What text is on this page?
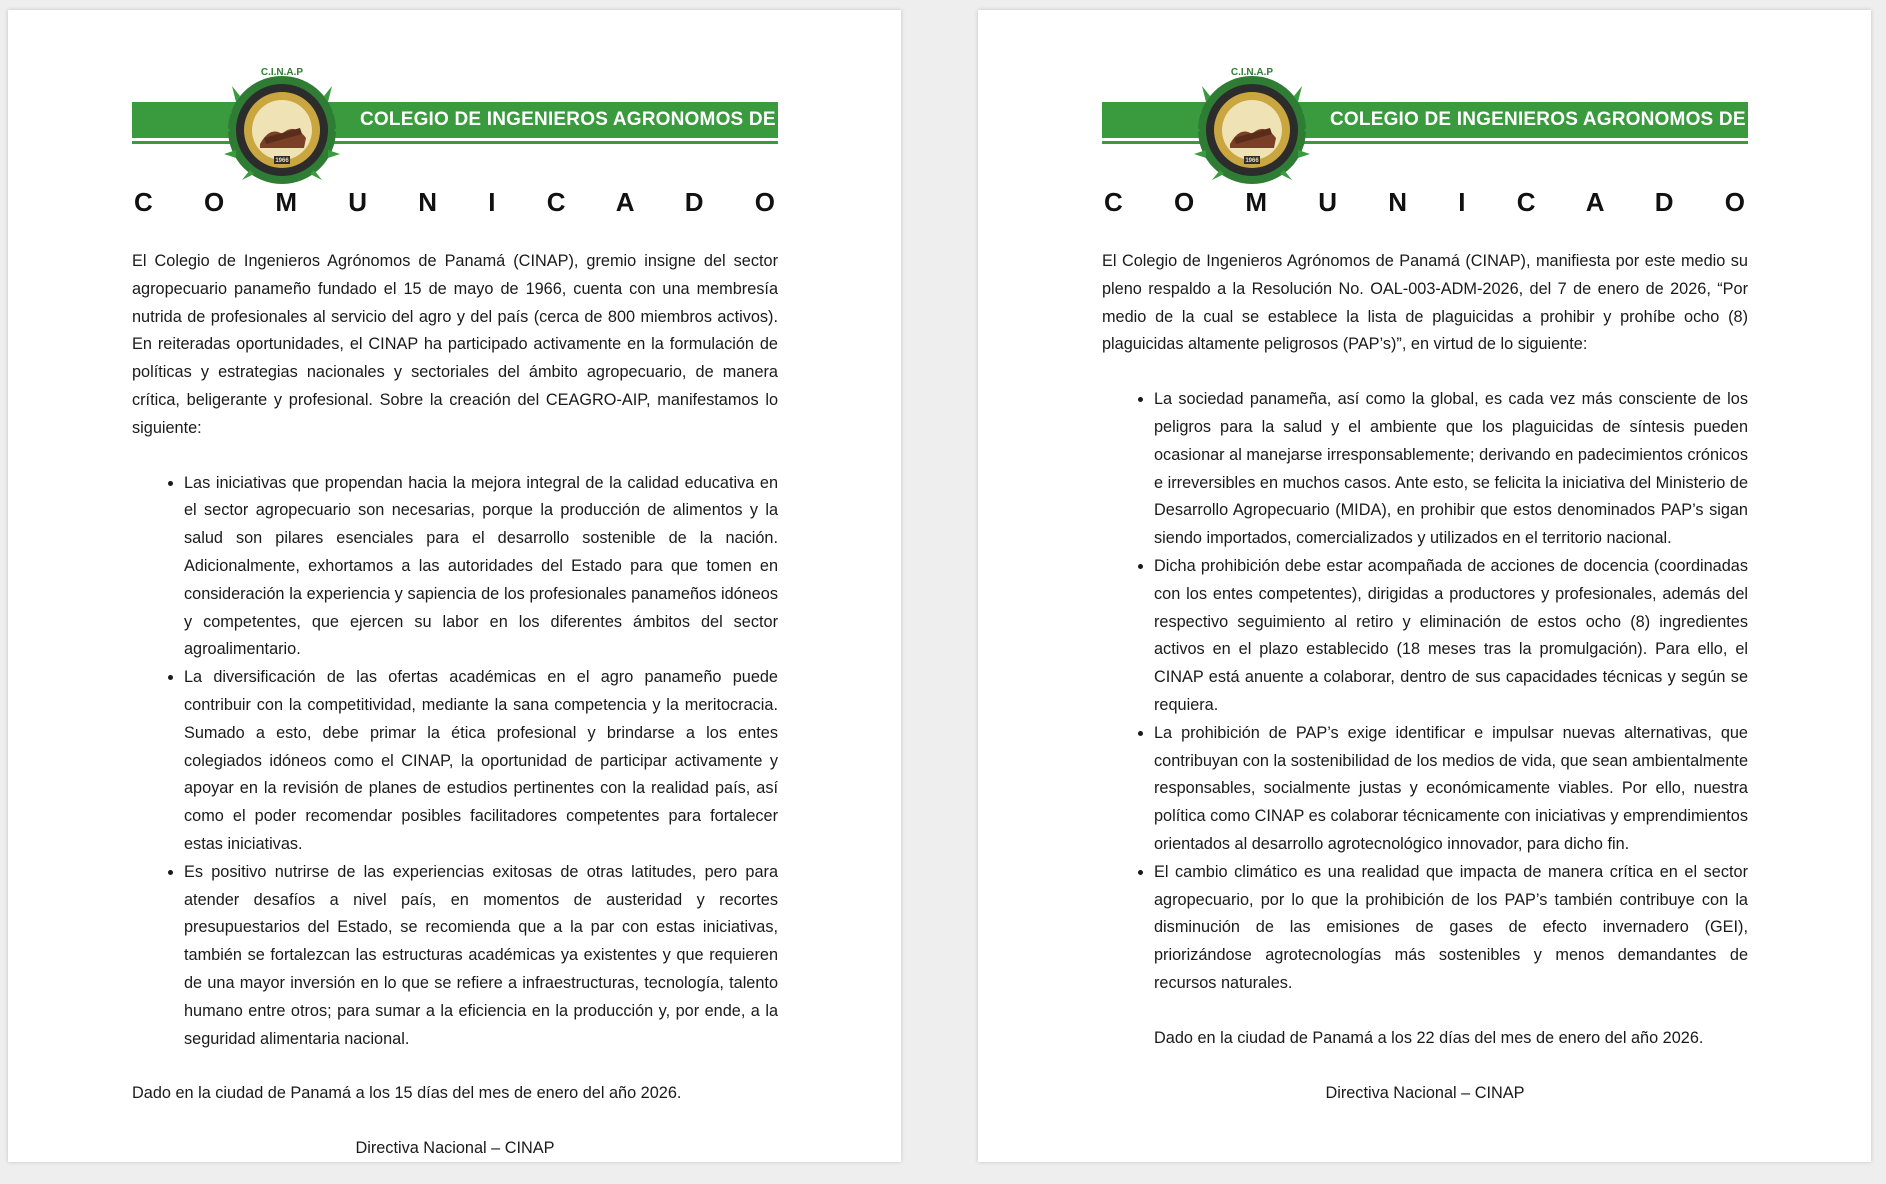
COLEGIO DE INGENIEROS AGRONOMOS DE PANAMA
1966
C.I.N.A.P
C O M U N I C A D O

El Colegio de Ingenieros Agrónomos de Panamá (CINAP), gremio insigne del sector agropecuario panameño fundado el 15 de mayo de 1966, cuenta con una membresía nutrida de profesionales al servicio del agro y del país (cerca de 800 miembros activos). En reiteradas oportunidades, el CINAP ha participado activamente en la formulación de políticas y estrategias nacionales y sectoriales del ámbito agropecuario, de manera crítica, beligerante y profesional. Sobre la creación del CEAGRO-AIP, manifestamos lo siguiente:

• Las iniciativas que propendan hacia la mejora integral de la calidad educativa en el sector agropecuario son necesarias, porque la producción de alimentos y la salud son pilares esenciales para el desarrollo sostenible de la nación. Adicionalmente, exhortamos a las autoridades del Estado para que tomen en consideración la experiencia y sapiencia de los profesionales panameños idóneos y competentes, que ejercen su labor en los diferentes ámbitos del sector agroalimentario.
• La diversificación de las ofertas académicas en el agro panameño puede contribuir con la competitividad, mediante la sana competencia y la meritocracia. Sumado a esto, debe primar la ética profesional y brindarse a los entes colegiados idóneos como el CINAP, la oportunidad de participar activamente y apoyar en la revisión de planes de estudios pertinentes con la realidad país, así como el poder recomendar posibles facilitadores competentes para fortalecer estas iniciativas.
• Es positivo nutrirse de las experiencias exitosas de otras latitudes, pero para atender desafíos a nivel país, en momentos de austeridad y recortes presupuestarios del Estado, se recomienda que a la par con estas iniciativas, también se fortalezcan las estructuras académicas ya existentes y que requieren de una mayor inversión en lo que se refiere a infraestructuras, tecnología, talento humano entre otros; para sumar a la eficiencia en la producción y, por ende, a la seguridad alimentaria nacional.

Dado en la ciudad de Panamá a los 15 días del mes de enero del año 2026.

Directiva Nacional – CINAP

COLEGIO DE INGENIEROS AGRONOMOS DE PANAMA
1966
C.I.N.A.P
C O M U N I C A D O

El Colegio de Ingenieros Agrónomos de Panamá (CINAP), manifiesta por este medio su pleno respaldo a la Resolución No. OAL-003-ADM-2026, del 7 de enero de 2026, “Por medio de la cual se establece la lista de plaguicidas a prohibir y prohíbe ocho (8) plaguicidas altamente peligrosos (PAP’s)”, en virtud de lo siguiente:

• La sociedad panameña, así como la global, es cada vez más consciente de los peligros para la salud y el ambiente que los plaguicidas de síntesis pueden ocasionar al manejarse irresponsablemente; derivando en padecimientos crónicos e irreversibles en muchos casos. Ante esto, se felicita la iniciativa del Ministerio de Desarrollo Agropecuario (MIDA), en prohibir que estos denominados PAP’s sigan siendo importados, comercializados y utilizados en el territorio nacional.
• Dicha prohibición debe estar acompañada de acciones de docencia (coordinadas con los entes competentes), dirigidas a productores y profesionales, además del respectivo seguimiento al retiro y eliminación de estos ocho (8) ingredientes activos en el plazo establecido (18 meses tras la promulgación). Para ello, el CINAP está anuente a colaborar, dentro de sus capacidades técnicas y según se requiera.
• La prohibición de PAP’s exige identificar e impulsar nuevas alternativas, que contribuyan con la sostenibilidad de los medios de vida, que sean ambientalmente responsables, socialmente justas y económicamente viables. Por ello, nuestra política como CINAP es colaborar técnicamente con iniciativas y emprendimientos orientados al desarrollo agrotecnológico innovador, para dicho fin.
• El cambio climático es una realidad que impacta de manera crítica en el sector agropecuario, por lo que la prohibición de los PAP’s también contribuye con la disminución de las emisiones de gases de efecto invernadero (GEI), priorizándose agrotecnologías más sostenibles y menos demandantes de recursos naturales.

Dado en la ciudad de Panamá a los 22 días del mes de enero del año 2026.

Directiva Nacional – CINAP
